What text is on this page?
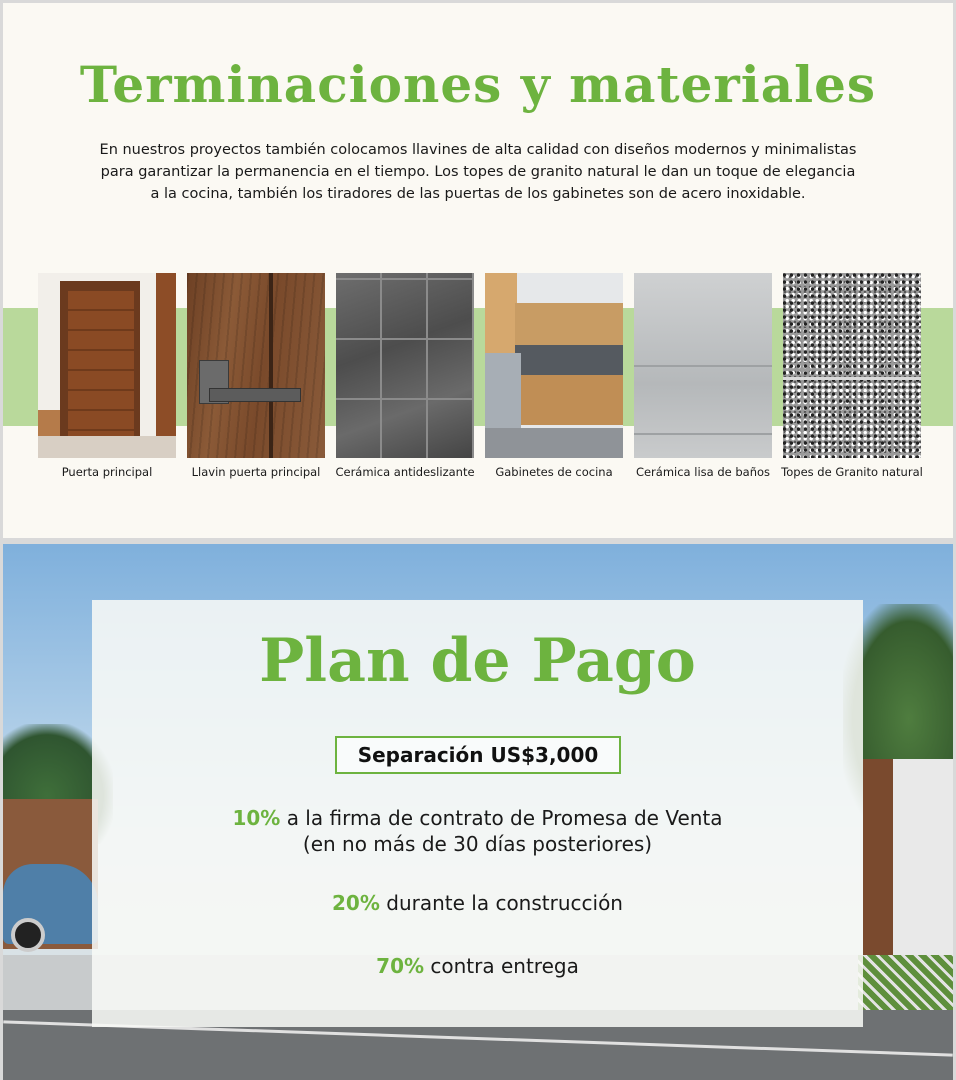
Terminaciones y materiales

En nuestros proyectos también colocamos llavines de alta calidad con diseños modernos y minimalistas para garantizar la permanencia en el tiempo. Los topes de granito natural le dan un toque de elegancia a la cocina, también los tiradores de las puertas de los gabinetes son de acero inoxidable.

Puerta principal	Llavin puerta principal	Cerámica antideslizante	Gabinetes de cocina	Cerámica lisa de baños Topes de Granito natural
Plan de Pago
Separación US$3,000
10% a la firma de contrato de Promesa de Venta
(en no más de 30 días posteriores)
20% durante la construcción
70% contra entrega
